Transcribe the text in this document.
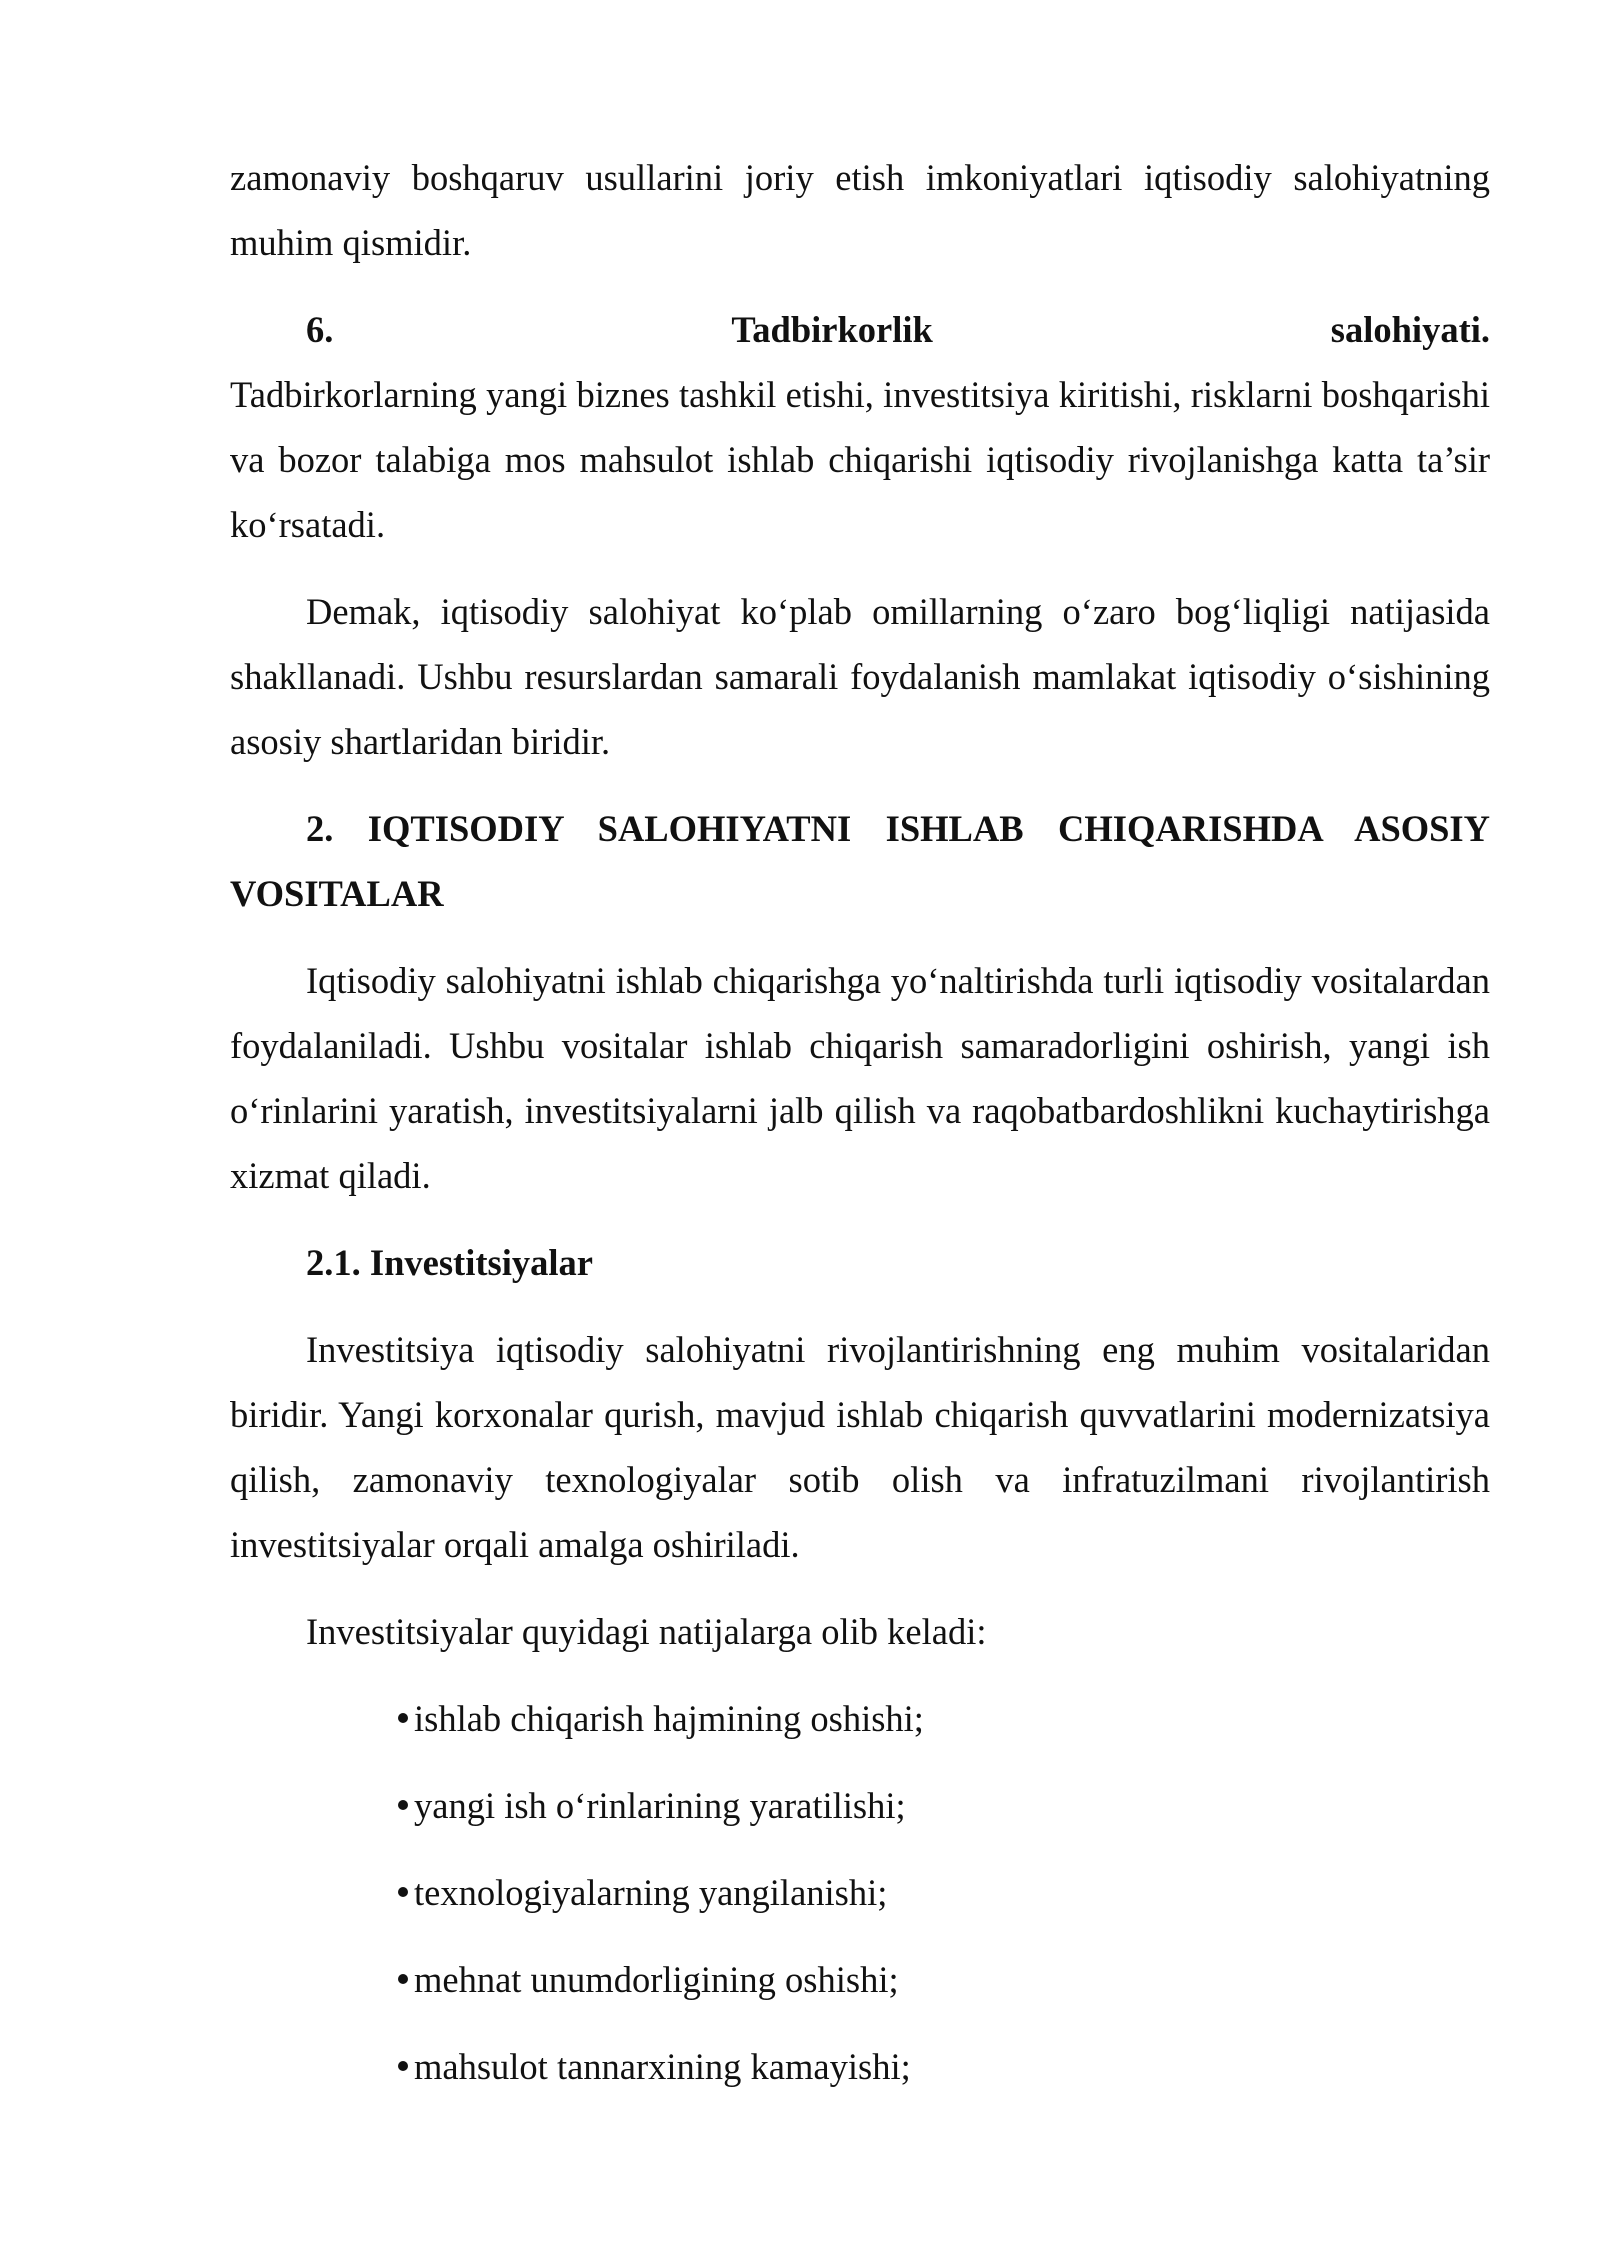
zamonaviy boshqaruv usullarini joriy etish imkoniyatlari iqtisodiy salohiyatning muhim qismidir.

6.	Tadbirkorlik	salohiyati.

Tadbirkorlarning yangi biznes tashkil etishi, investitsiya kiritishi, risklarni boshqarishi va bozor talabiga mos mahsulot ishlab chiqarishi iqtisodiy rivojlanishga katta ta’sir ko‘rsatadi.

Demak, iqtisodiy salohiyat ko‘plab omillarning o‘zaro bog‘liqligi natijasida shakllanadi. Ushbu resurslardan samarali foydalanish mamlakat iqtisodiy o‘sishining asosiy shartlaridan biridir.

2. IQTISODIY SALOHIYATNI ISHLAB CHIQARISHDA ASOSIY VOSITALAR

Iqtisodiy salohiyatni ishlab chiqarishga yo‘naltirishda turli iqtisodiy vositalardan foydalaniladi. Ushbu vositalar ishlab chiqarish samaradorligini oshirish, yangi ish o‘rinlarini yaratish, investitsiyalarni jalb qilish va raqobatbardoshlikni kuchaytirishga xizmat qiladi.

2.1. Investitsiyalar

Investitsiya iqtisodiy salohiyatni rivojlantirishning eng muhim vositalaridan biridir. Yangi korxonalar qurish, mavjud ishlab chiqarish quvvatlarini modernizatsiya qilish, zamonaviy texnologiyalar sotib olish va infratuzilmani rivojlantirish investitsiyalar orqali amalga oshiriladi.

Investitsiyalar quyidagi natijalarga olib keladi:

ishlab chiqarish hajmining oshishi;
yangi ish o‘rinlarining yaratilishi;
texnologiyalarning yangilanishi;
mehnat unumdorligining oshishi;
mahsulot tannarxining kamayishi;
